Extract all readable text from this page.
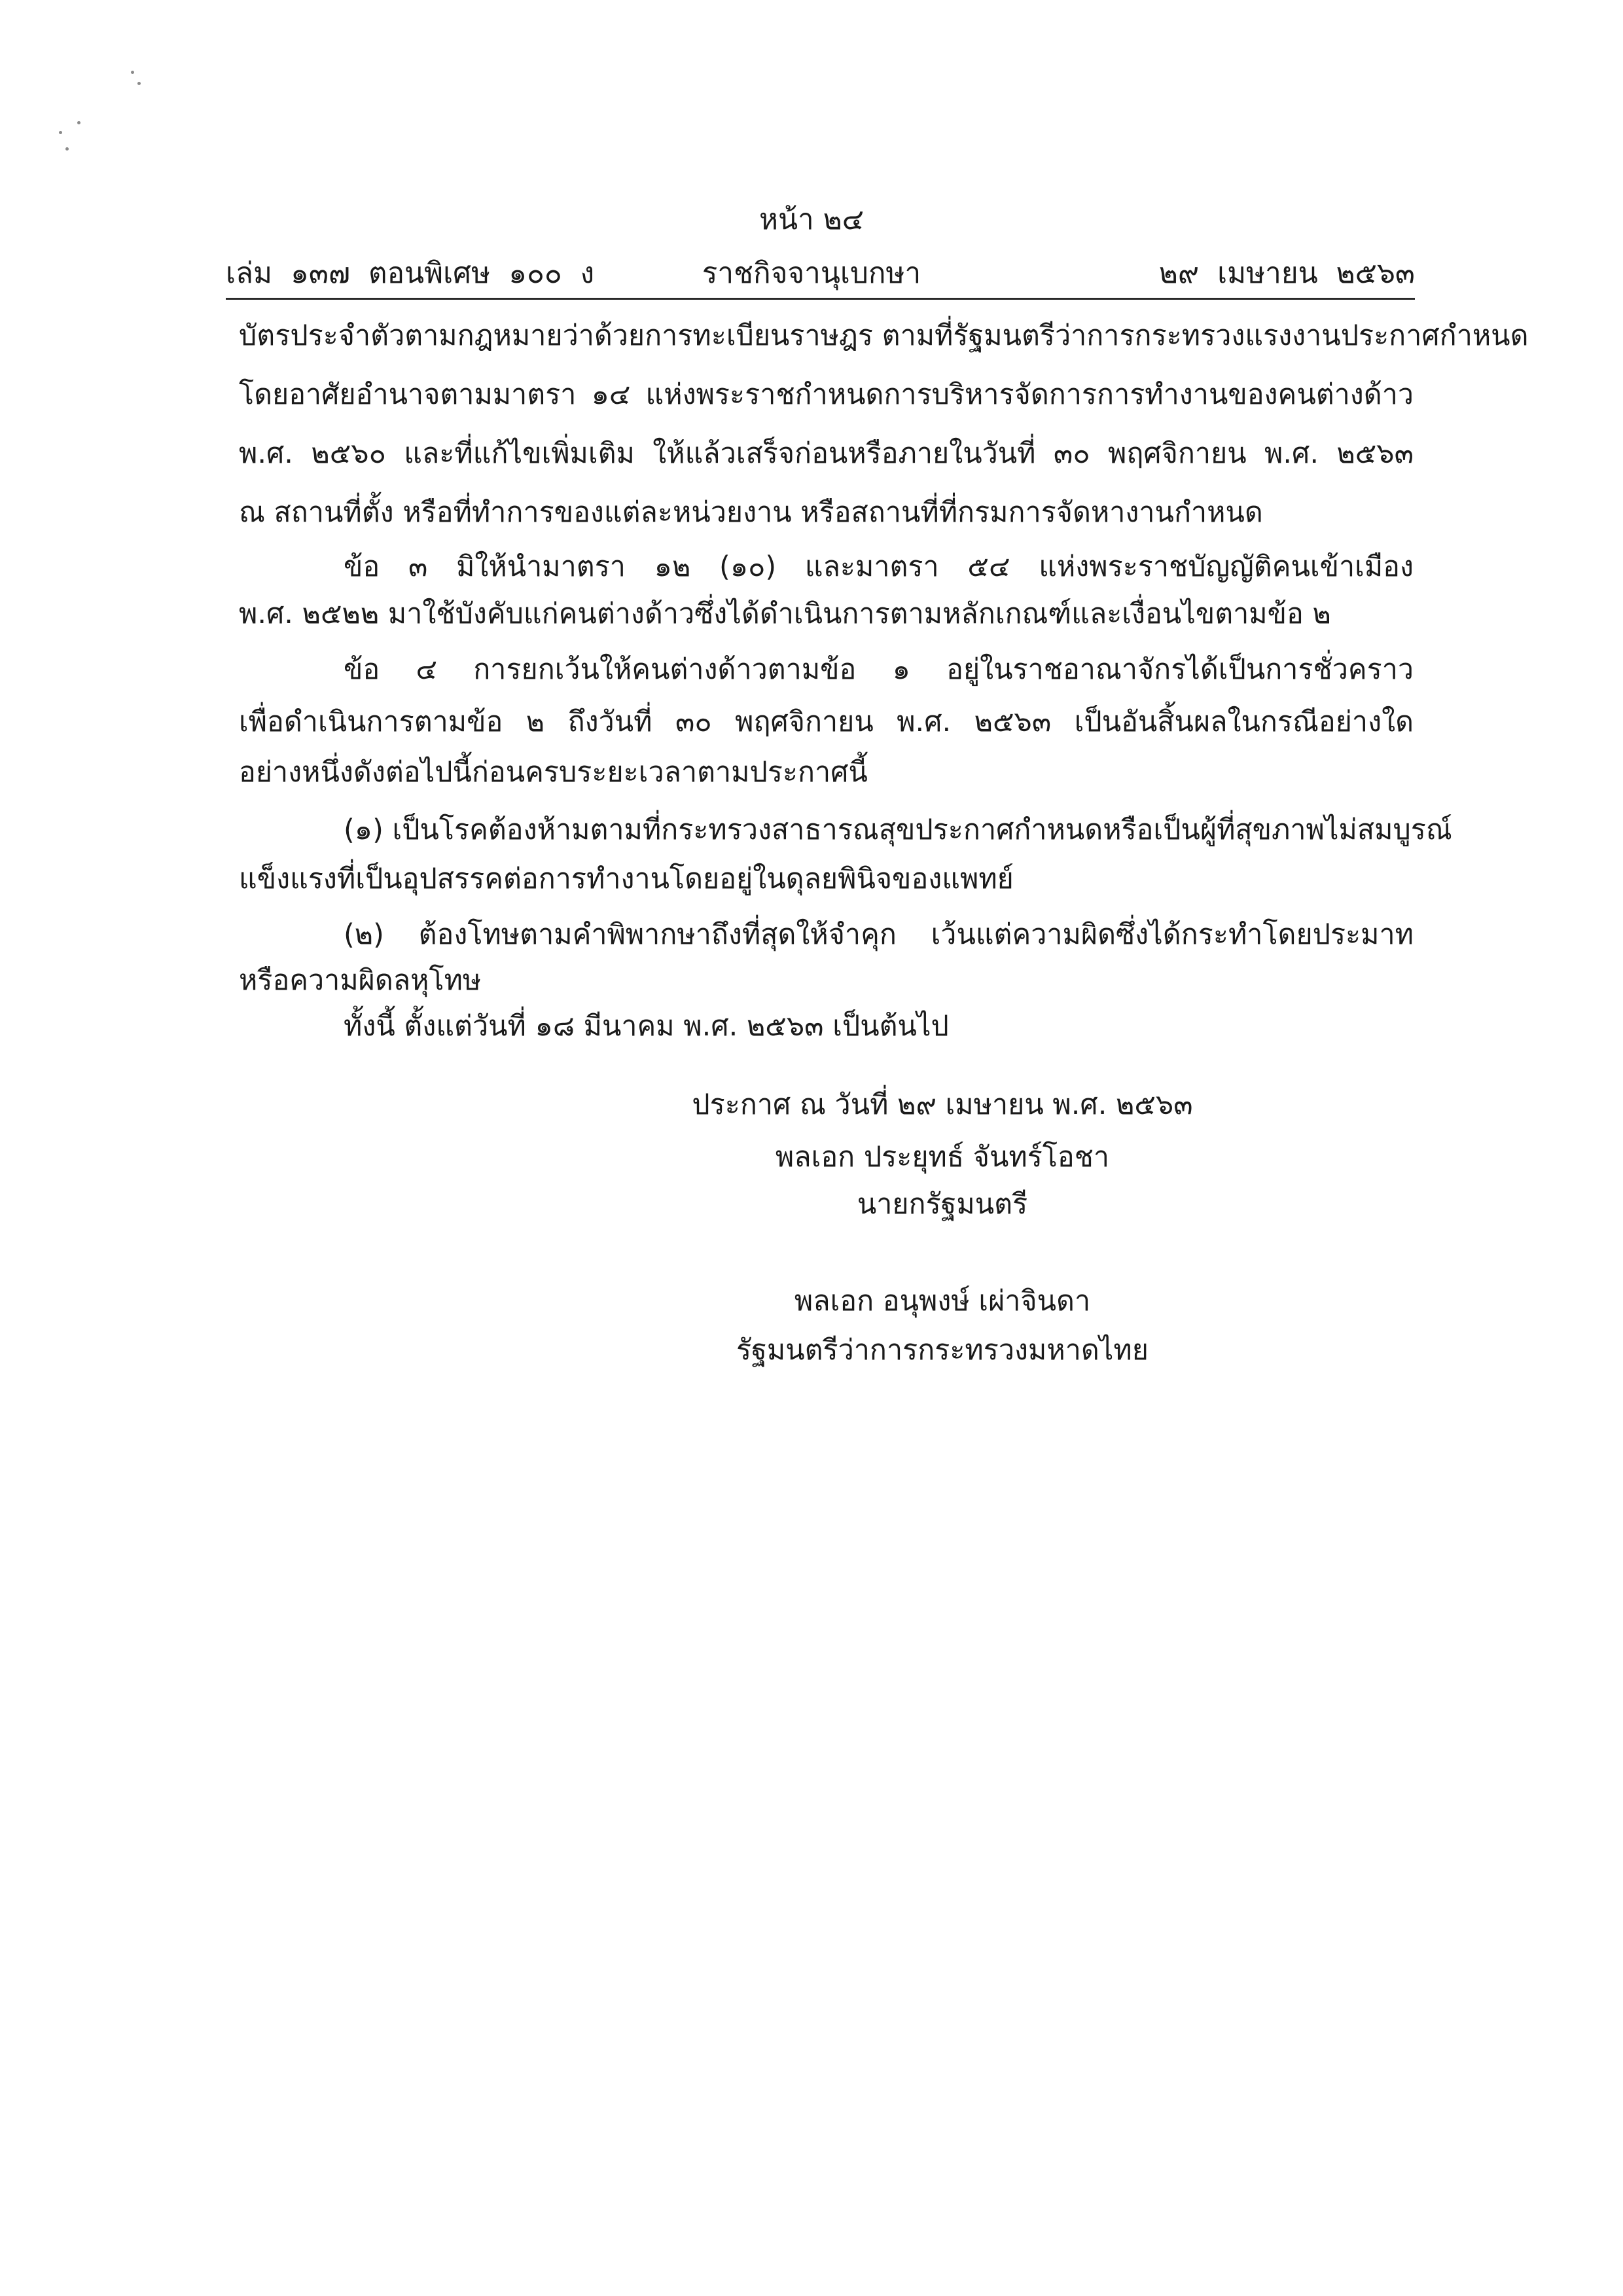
หน้า ๒๔
เล่ม  ๑๓๗  ตอนพิเศษ  ๑๐๐  ง	ราชกิจจานุเบกษา	๒๙  เมษายน  ๒๕๖๓
บัตรประจำตัวตามกฎหมายว่าด้วยการทะเบียนราษฎร ตามที่รัฐมนตรีว่าการกระทรวงแรงงานประกาศกำหนด
โดยอาศัยอำนาจตามมาตรา ๑๔ แห่งพระราชกำหนดการบริหารจัดการการทำงานของคนต่างด้าว
พ.ศ. ๒๕๖๐ และที่แก้ไขเพิ่มเติม ให้แล้วเสร็จก่อนหรือภายในวันที่ ๓๐ พฤศจิกายน พ.ศ. ๒๕๖๓
ณ สถานที่ตั้ง หรือที่ทำการของแต่ละหน่วยงาน หรือสถานที่ที่กรมการจัดหางานกำหนด
ข้อ ๓ มิให้นำมาตรา ๑๒ (๑๐) และมาตรา ๕๔ แห่งพระราชบัญญัติคนเข้าเมือง
พ.ศ. ๒๕๒๒ มาใช้บังคับแก่คนต่างด้าวซึ่งได้ดำเนินการตามหลักเกณฑ์และเงื่อนไขตามข้อ ๒
ข้อ ๔ การยกเว้นให้คนต่างด้าวตามข้อ ๑ อยู่ในราชอาณาจักรได้เป็นการชั่วคราว
เพื่อดำเนินการตามข้อ ๒ ถึงวันที่ ๓๐ พฤศจิกายน พ.ศ. ๒๕๖๓ เป็นอันสิ้นผลในกรณีอย่างใด
อย่างหนึ่งดังต่อไปนี้ก่อนครบระยะเวลาตามประกาศนี้
(๑) เป็นโรคต้องห้ามตามที่กระทรวงสาธารณสุขประกาศกำหนดหรือเป็นผู้ที่สุขภาพไม่สมบูรณ์
แข็งแรงที่เป็นอุปสรรคต่อการทำงานโดยอยู่ในดุลยพินิจของแพทย์
(๒) ต้องโทษตามคำพิพากษาถึงที่สุดให้จำคุก เว้นแต่ความผิดซึ่งได้กระทำโดยประมาท
หรือความผิดลหุโทษ
ทั้งนี้ ตั้งแต่วันที่ ๑๘ มีนาคม พ.ศ. ๒๕๖๓ เป็นต้นไป
ประกาศ ณ วันที่ ๒๙ เมษายน พ.ศ. ๒๕๖๓
พลเอก ประยุทธ์ จันทร์โอชา
นายกรัฐมนตรี
พลเอก อนุพงษ์ เผ่าจินดา
รัฐมนตรีว่าการกระทรวงมหาดไทย
